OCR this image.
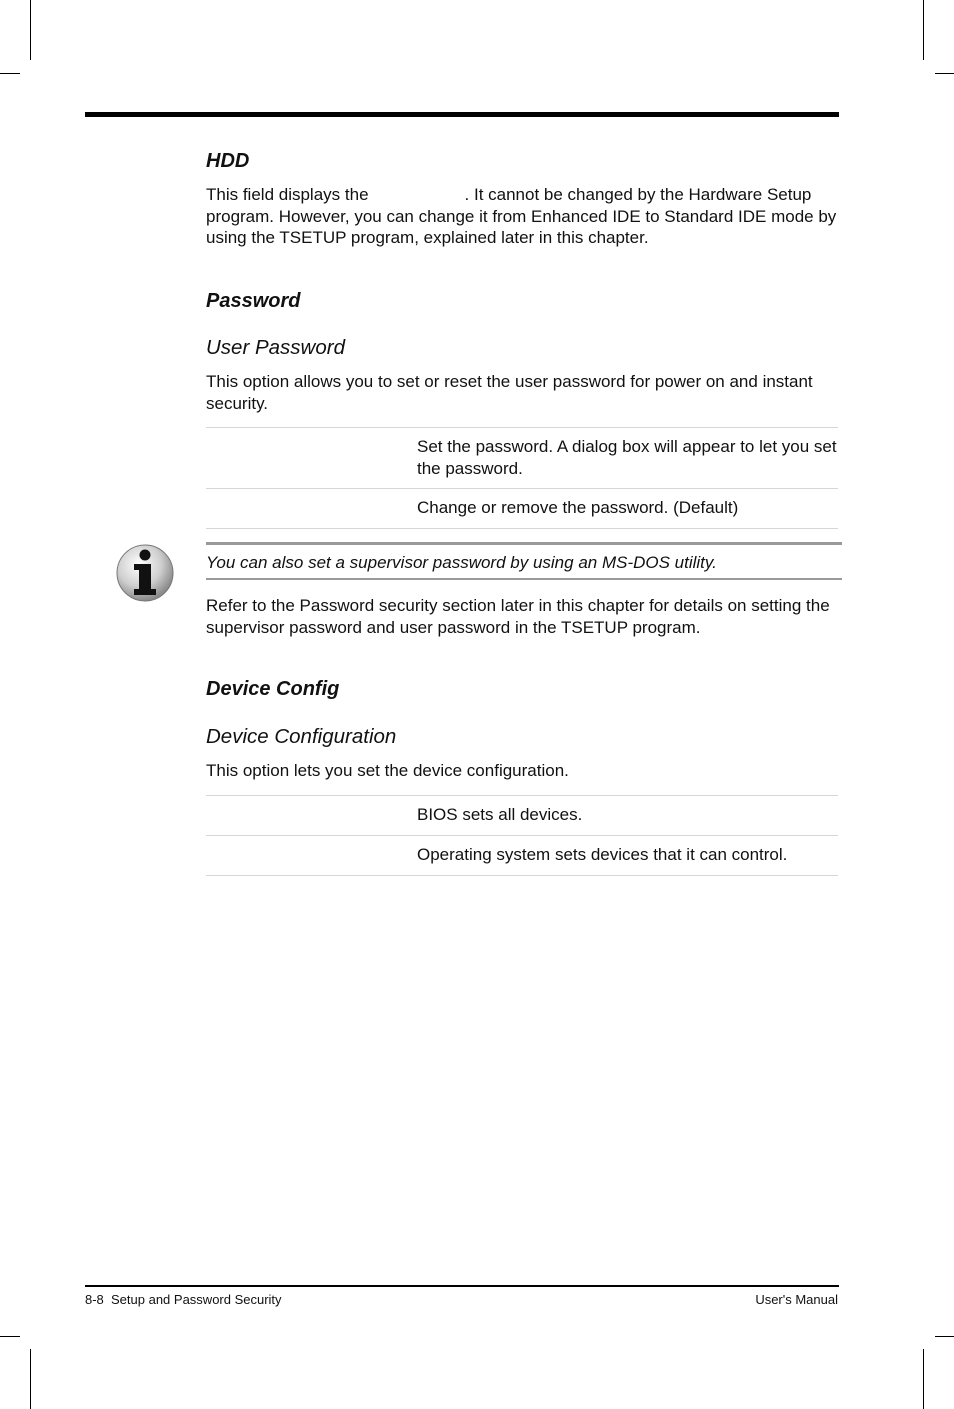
HDD

This field displays the	. It cannot be changed by the Hardware Setup program. However, you can change it from Enhanced IDE to Standard IDE mode by using the TSETUP program, explained later in this chapter.

Password
User Password

This option allows you to set or reset the user password for power on and instant security.

	Set the password. A dialog box will appear to let you set the password.
	Change or remove the password. (Default)
You can also set a supervisor password by using an MS-DOS utility.

Refer to the Password security section later in this chapter for details on setting the supervisor password and user password in the TSETUP program.

Device Config
Device Configuration

This option lets you set the device configuration.

	BIOS sets all devices.
	Operating system sets devices that it can control.
8-8  Setup and Password Security	User's Manual
